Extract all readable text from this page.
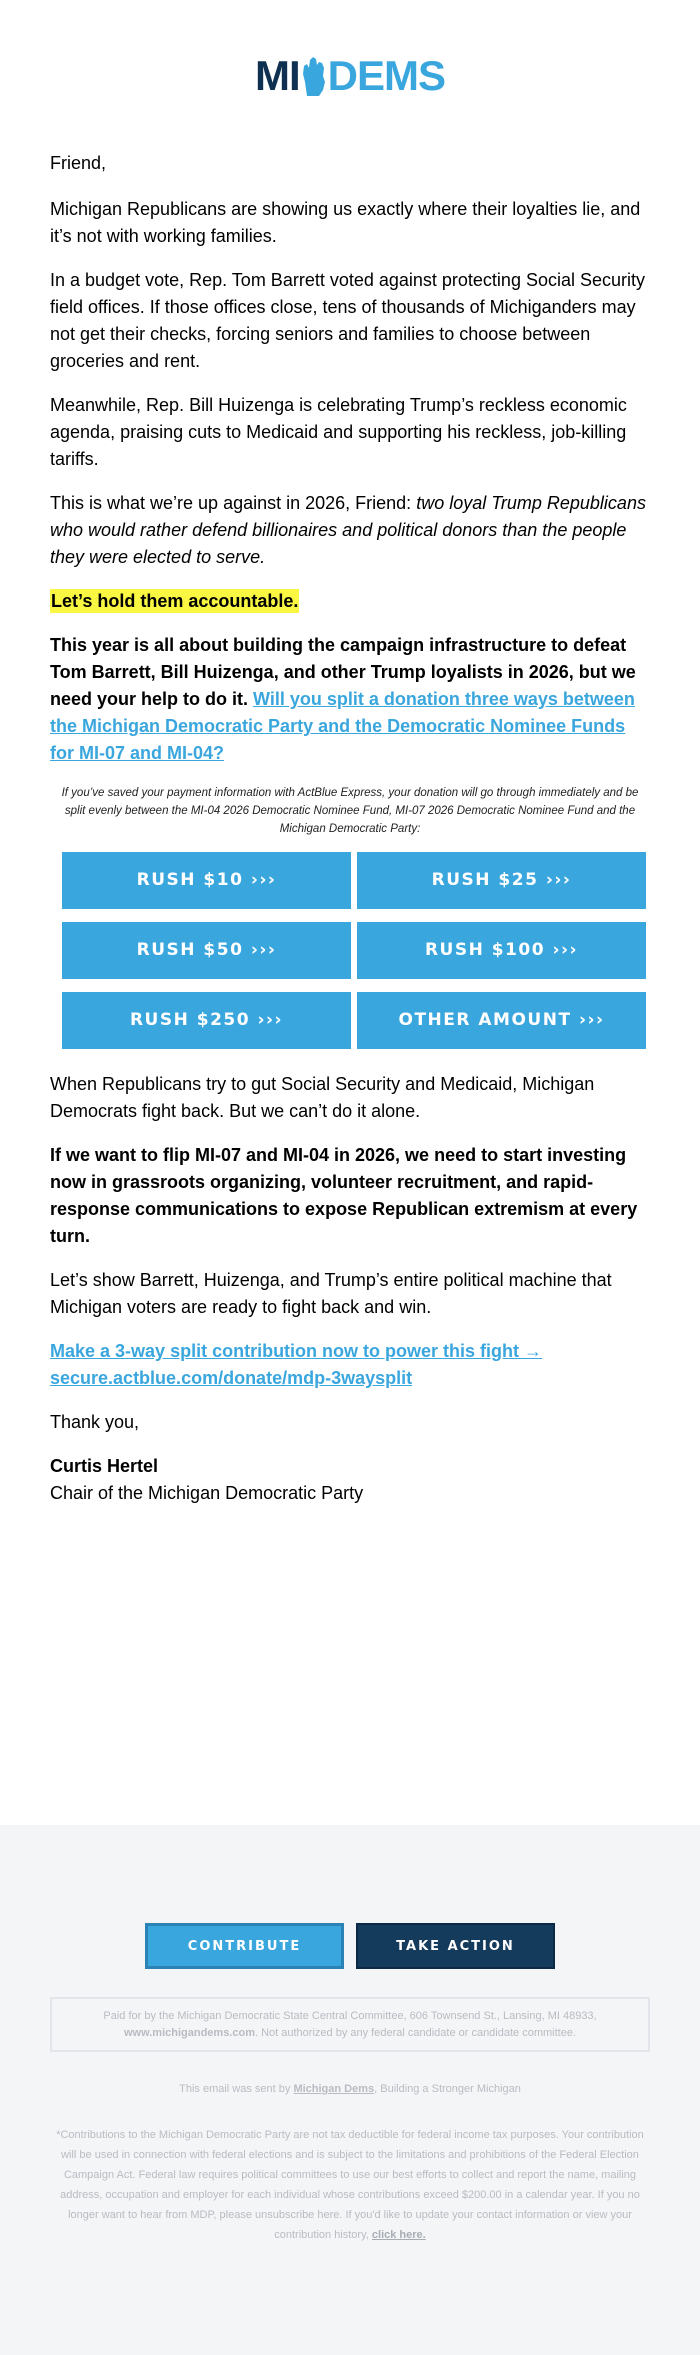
MI DEMS

Friend,

Michigan Republicans are showing us exactly where their loyalties lie, and it’s not with working families.

In a budget vote, Rep. Tom Barrett voted against protecting Social Security field offices. If those offices close, tens of thousands of Michiganders may not get their checks, forcing seniors and families to choose between groceries and rent.

Meanwhile, Rep. Bill Huizenga is celebrating Trump’s reckless economic agenda, praising cuts to Medicaid and supporting his reckless, job-killing tariffs.

This is what we’re up against in 2026, Friend: two loyal Trump Republicans who would rather defend billionaires and political donors than the people they were elected to serve.

Let’s hold them accountable.

This year is all about building the campaign infrastructure to defeat Tom Barrett, Bill Huizenga, and other Trump loyalists in 2026, but we need your help to do it. Will you split a donation three ways between the Michigan Democratic Party and the Democratic Nominee Funds for MI-07 and MI-04?

If you’ve saved your payment information with ActBlue Express, your donation will go through immediately and be split evenly between the MI-04 2026 Democratic Nominee Fund, MI-07 2026 Democratic Nominee Fund and the Michigan Democratic Party:
RUSH $10 ›››	RUSH $25 ›››
RUSH $50 ›››	RUSH $100 ›››
RUSH $250 ›››	OTHER AMOUNT ›››

When Republicans try to gut Social Security and Medicaid, Michigan Democrats fight back. But we can’t do it alone.

If we want to flip MI-07 and MI-04 in 2026, we need to start investing now in grassroots organizing, volunteer recruitment, and rapid-response communications to expose Republican extremism at every turn.

Let’s show Barrett, Huizenga, and Trump’s entire political machine that Michigan voters are ready to fight back and win.

Make a 3-way split contribution now to power this fight →
secure.actblue.com/donate/mdp-3waysplit

Thank you,

Curtis Hertel
Chair of the Michigan Democratic Party

CONTRIBUTE	TAKE ACTION
Paid for by the Michigan Democratic State Central Committee, 606 Townsend St., Lansing, MI 48933,
www.michigandems.com. Not authorized by any federal candidate or candidate committee.
This email was sent by Michigan Dems, Building a Stronger Michigan
*Contributions to the Michigan Democratic Party are not tax deductible for federal income tax purposes. Your contribution will be used in connection with federal elections and is subject to the limitations and prohibitions of the Federal Election Campaign Act. Federal law requires political committees to use our best efforts to collect and report the name, mailing address, occupation and employer for each individual whose contributions exceed $200.00 in a calendar year. If you no longer want to hear from MDP, please unsubscribe here. If you'd like to update your contact information or view your contribution history, click here.
